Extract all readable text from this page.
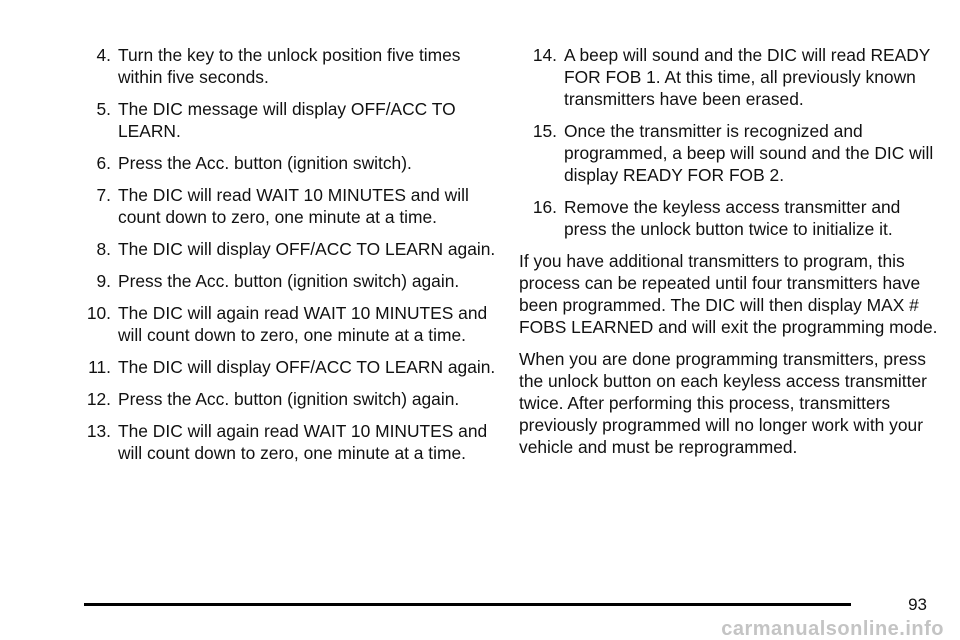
4. Turn the key to the unlock position five times within five seconds.
5. The DIC message will display OFF/ACC TO LEARN.
6. Press the Acc. button (ignition switch).
7. The DIC will read WAIT 10 MINUTES and will count down to zero, one minute at a time.
8. The DIC will display OFF/ACC TO LEARN again.
9. Press the Acc. button (ignition switch) again.
10. The DIC will again read WAIT 10 MINUTES and will count down to zero, one minute at a time.
11. The DIC will display OFF/ACC TO LEARN again.
12. Press the Acc. button (ignition switch) again.
13. The DIC will again read WAIT 10 MINUTES and will count down to zero, one minute at a time.
14. A beep will sound and the DIC will read READY FOR FOB 1. At this time, all previously known transmitters have been erased.
15. Once the transmitter is recognized and programmed, a beep will sound and the DIC will display READY FOR FOB 2.
16. Remove the keyless access transmitter and press the unlock button twice to initialize it.

If you have additional transmitters to program, this process can be repeated until four transmitters have been programmed. The DIC will then display MAX # FOBS LEARNED and will exit the programming mode.

When you are done programming transmitters, press the unlock button on each keyless access transmitter twice. After performing this process, transmitters previously programmed will no longer work with your vehicle and must be reprogrammed.

93
carmanualsonline.info
